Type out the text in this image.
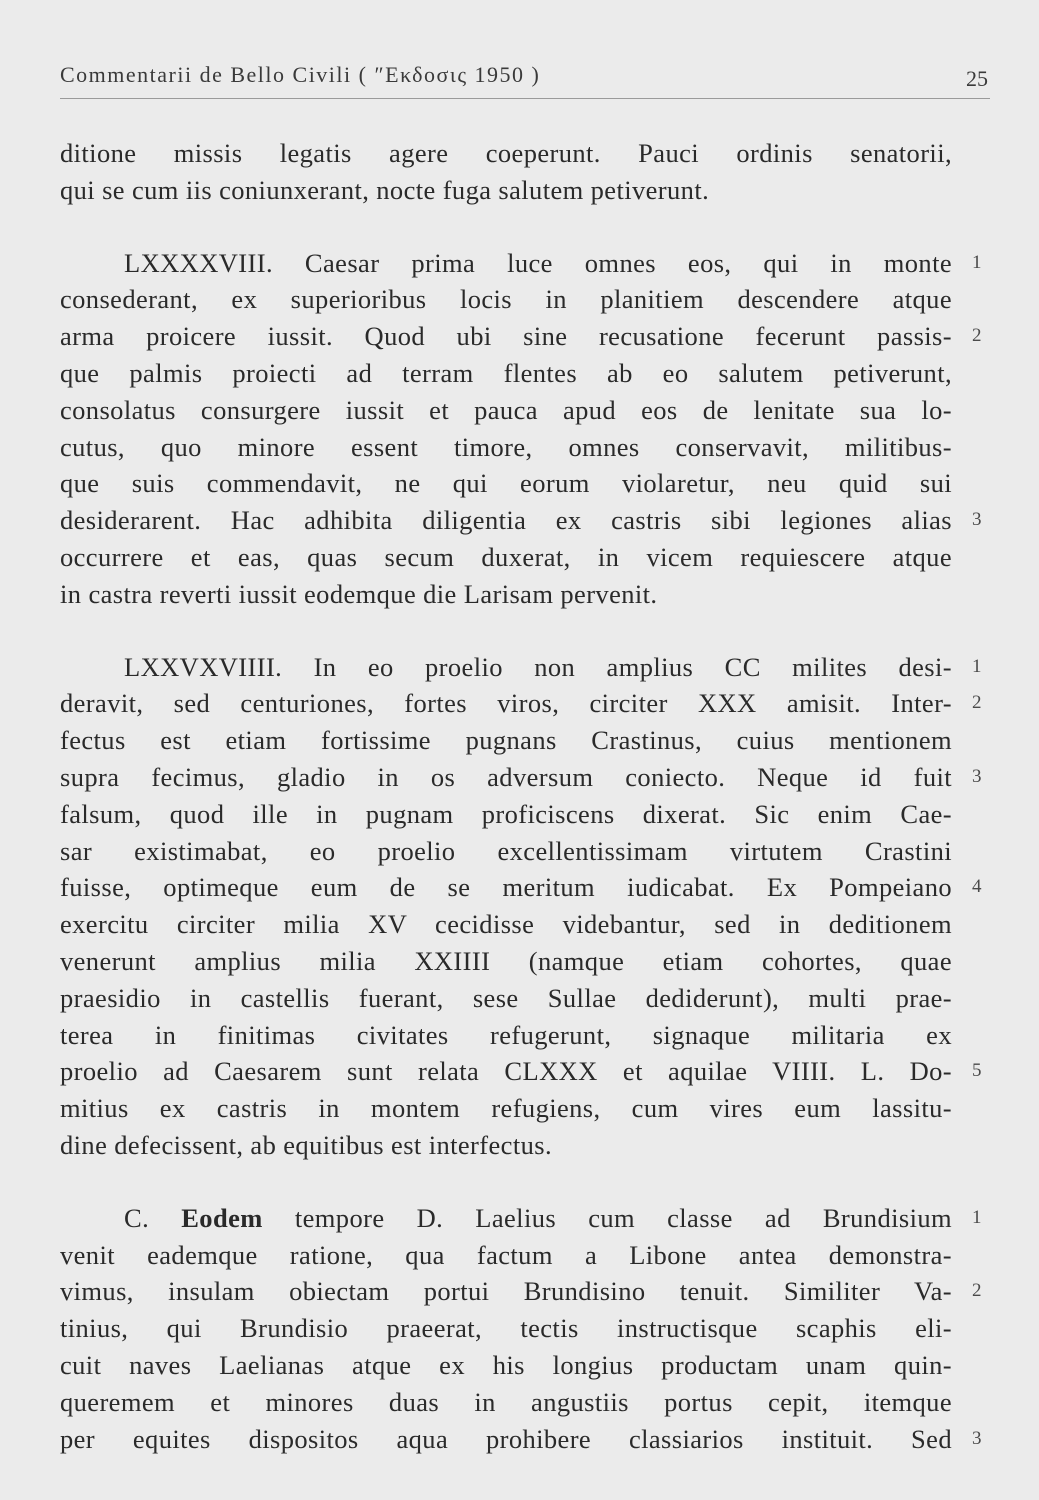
Commentarii de Bello Civili ( ″Εκδοσις 1950 )	25
ditione missis legatis agere coeperunt. Pauci ordinis senatorii,
qui se cum iis coniunxerant, nocte fuga salutem petiverunt.
1
2
3
LXXXXVIII. Caesar prima luce omnes eos, qui in monte
consederant, ex superioribus locis in planitiem descendere atque
arma proicere iussit. Quod ubi sine recusatione fecerunt passis-
que palmis proiecti ad terram flentes ab eo salutem petiverunt,
consolatus consurgere iussit et pauca apud eos de lenitate sua lo-
cutus, quo minore essent timore, omnes conservavit, militibus-
que suis commendavit, ne qui eorum violaretur, neu quid sui
desiderarent. Hac adhibita diligentia ex castris sibi legiones alias
occurrere et eas, quas secum duxerat, in vicem requiescere atque
in castra reverti iussit eodemque die Larisam pervenit.
1
2
3
4
5
LXXVXVIIII. In eo proelio non amplius CC milites desi-
deravit, sed centuriones, fortes viros, circiter XXX amisit. Inter-
fectus est etiam fortissime pugnans Crastinus, cuius mentionem
supra fecimus, gladio in os adversum coniecto. Neque id fuit
falsum, quod ille in pugnam proficiscens dixerat. Sic enim Cae-
sar existimabat, eo proelio excellentissimam virtutem Crastini
fuisse, optimeque eum de se meritum iudicabat. Ex Pompeiano
exercitu circiter milia XV cecidisse videbantur, sed in deditionem
venerunt amplius milia XXIIII (namque etiam cohortes, quae
praesidio in castellis fuerant, sese Sullae dediderunt), multi prae-
terea in finitimas civitates refugerunt, signaque militaria ex
proelio ad Caesarem sunt relata CLXXX et aquilae VIIII. L. Do-
mitius ex castris in montem refugiens, cum vires eum lassitu-
dine defecissent, ab equitibus est interfectus.
1
2
3
C. Eodem tempore D. Laelius cum classe ad Brundisium
venit eademque ratione, qua factum a Libone antea demonstra-
vimus, insulam obiectam portui Brundisino tenuit. Similiter Va-
tinius, qui Brundisio praeerat, tectis instructisque scaphis eli-
cuit naves Laelianas atque ex his longius productam unam quin-
queremem et minores duas in angustiis portus cepit, itemque
per equites dispositos aqua prohibere classiarios instituit. Sed
